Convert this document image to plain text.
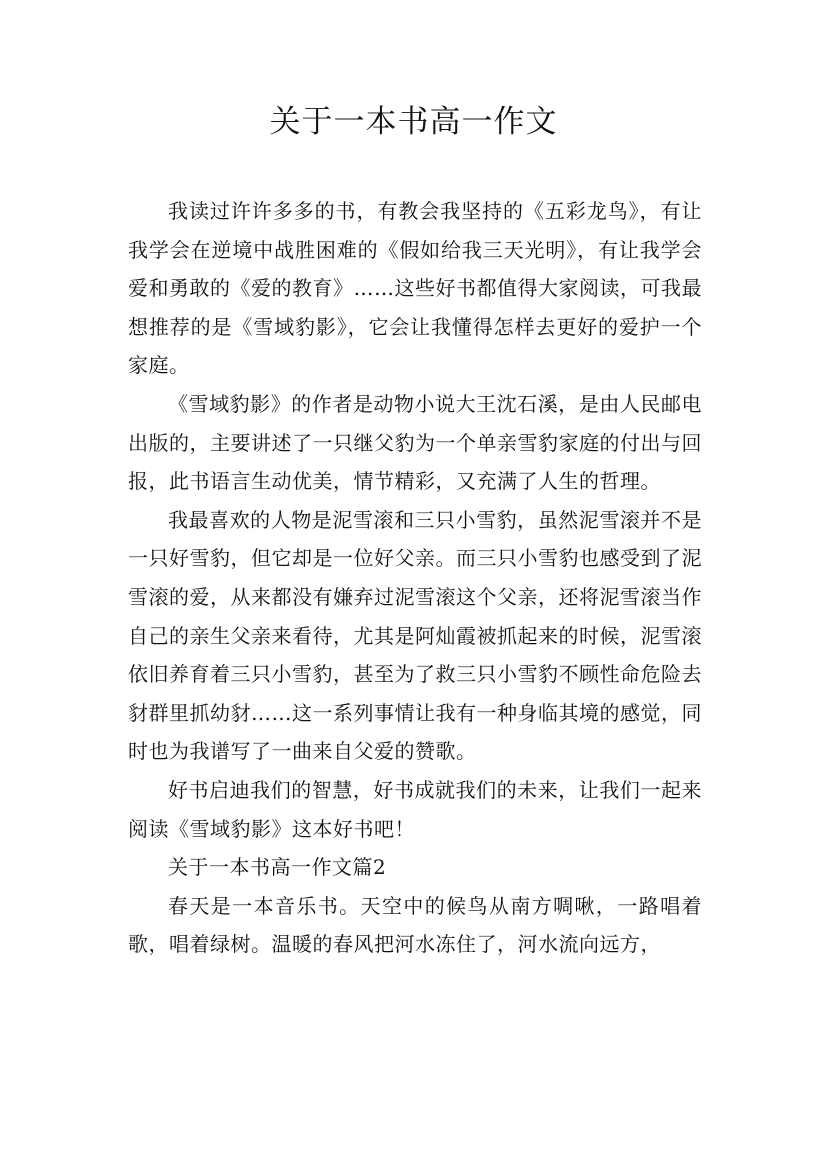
关于一本书高一作文

我读过许许多多的书，有教会我坚持的《五彩龙鸟》，有让我学会在逆境中战胜困难的《假如给我三天光明》，有让我学会爱和勇敢的《爱的教育》……这些好书都值得大家阅读，可我最想推荐的是《雪域豹影》，它会让我懂得怎样去更好的爱护一个家庭。

《雪域豹影》的作者是动物小说大王沈石溪，是由人民邮电出版的，主要讲述了一只继父豹为一个单亲雪豹家庭的付出与回报，此书语言生动优美，情节精彩，又充满了人生的哲理。

我最喜欢的人物是泥雪滚和三只小雪豹，虽然泥雪滚并不是一只好雪豹，但它却是一位好父亲。而三只小雪豹也感受到了泥雪滚的爱，从来都没有嫌弃过泥雪滚这个父亲，还将泥雪滚当作自己的亲生父亲来看待，尤其是阿灿霞被抓起来的时候，泥雪滚依旧养育着三只小雪豹，甚至为了救三只小雪豹不顾性命危险去豺群里抓幼豺……这一系列事情让我有一种身临其境的感觉，同时也为我谱写了一曲来自父爱的赞歌。

好书启迪我们的智慧，好书成就我们的未来，让我们一起来阅读《雪域豹影》这本好书吧！

关于一本书高一作文篇2

春天是一本音乐书。天空中的候鸟从南方啁啾，一路唱着歌，唱着绿树。温暖的春风把河水冻住了，河水流向远方，
